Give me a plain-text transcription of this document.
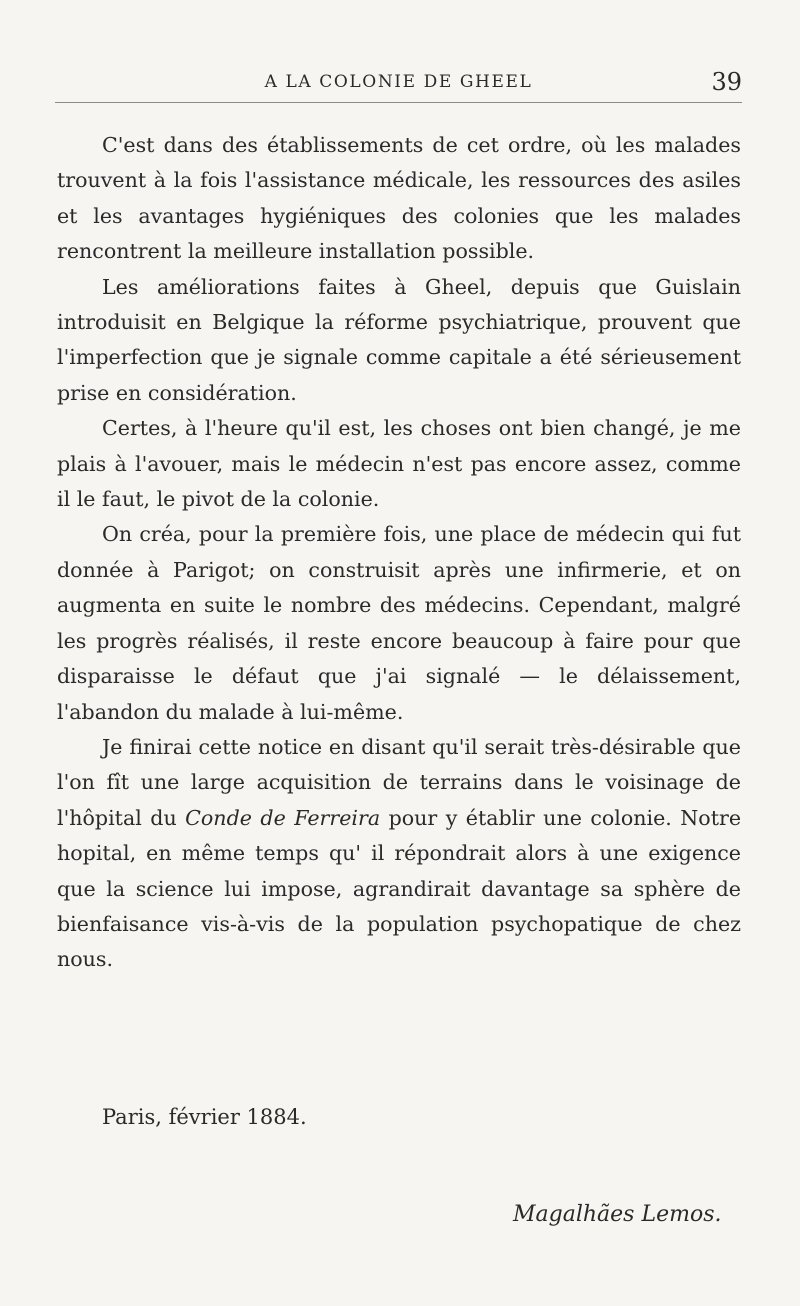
A LA COLONIE DE GHEEL	39

C'est dans des établissements de cet ordre, où les malades trouvent à la fois l'assistance médicale, les ressources des asiles et les avantages hygiéniques des colonies que les malades rencontrent la meilleure installation possible.

Les améliorations faites à Gheel, depuis que Guislain introduisit en Belgique la réforme psychiatrique, prouvent que l'imperfection que je signale comme capitale a été sérieusement prise en considération.

Certes, à l'heure qu'il est, les choses ont bien changé, je me plais à l'avouer, mais le médecin n'est pas encore assez, comme il le faut, le pivot de la colonie.

On créa, pour la première fois, une place de médecin qui fut donnée à Parigot; on construisit après une infirmerie, et on augmenta en suite le nombre des médecins. Cependant, malgré les progrès réalisés, il reste encore beaucoup à faire pour que disparaisse le défaut que j'ai signalé — le délaissement, l'abandon du malade à lui-même.

Je finirai cette notice en disant qu'il serait très-désirable que l'on fît une large acquisition de terrains dans le voisinage de l'hôpital du Conde de Ferreira pour y établir une colonie. Notre hopital, en même temps qu' il répondrait alors à une exigence que la science lui impose, agrandirait davantage sa sphère de bienfaisance vis-à-vis de la population psychopatique de chez nous.

Paris, février 1884.
Magalhães Lemos.
